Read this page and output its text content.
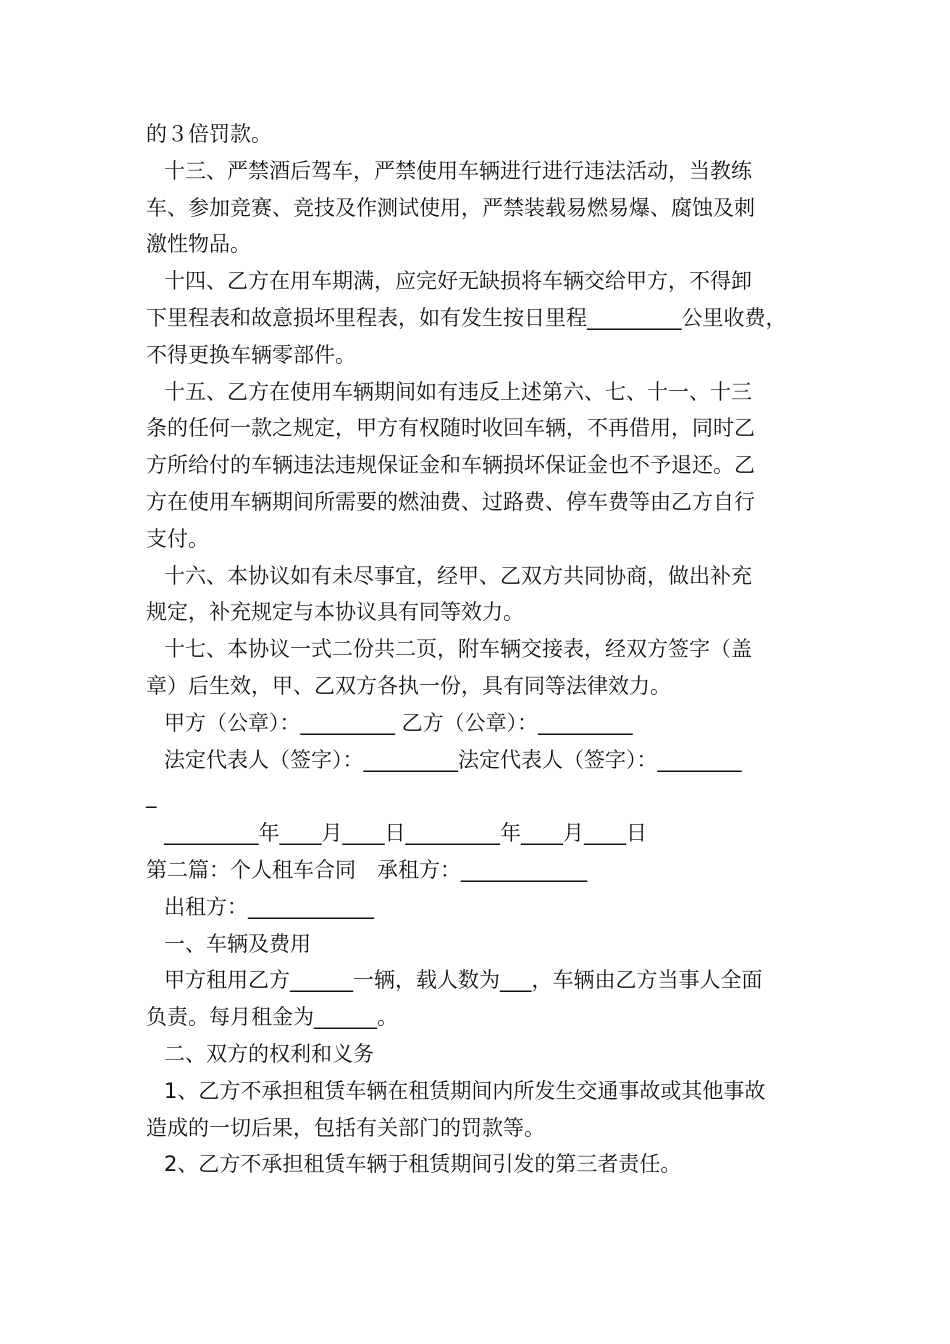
的３倍罚款。
十三、严禁酒后驾车，严禁使用车辆进行进行违法活动，当教练
车、参加竞赛、竞技及作测试使用，严禁装载易燃易爆、腐蚀及刺
激性物品。
十四、乙方在用车期满，应完好无缺损将车辆交给甲方，不得卸
下里程表和故意损坏里程表，如有发生按日里程_________公里收费，
不得更换车辆零部件。
十五、乙方在使用车辆期间如有违反上述第六、七、十一、十三
条的任何一款之规定，甲方有权随时收回车辆，不再借用，同时乙
方所给付的车辆违法违规保证金和车辆损坏保证金也不予退还。乙
方在使用车辆期间所需要的燃油费、过路费、停车费等由乙方自行
支付。
十六、本协议如有未尽事宜，经甲、乙双方共同协商，做出补充
规定，补充规定与本协议具有同等效力。
十七、本协议一式二份共二页，附车辆交接表，经双方签字（盖
章）后生效，甲、乙双方各执一份，具有同等法律效力。
甲方（公章）：_________ 乙方（公章）：_________
法定代表人（签字）：_________法定代表人（签字）：________
_
_________年____月____日_________年____月____日
第二篇：个人租车合同　承租方：____________
出租方：____________
一、车辆及费用
甲方租用乙方______一辆，载人数为___，车辆由乙方当事人全面
负责。每月租金为______。
二、双方的权利和义务
1、乙方不承担租赁车辆在租赁期间内所发生交通事故或其他事故
造成的一切后果，包括有关部门的罚款等。
2、乙方不承担租赁车辆于租赁期间引发的第三者责任。
